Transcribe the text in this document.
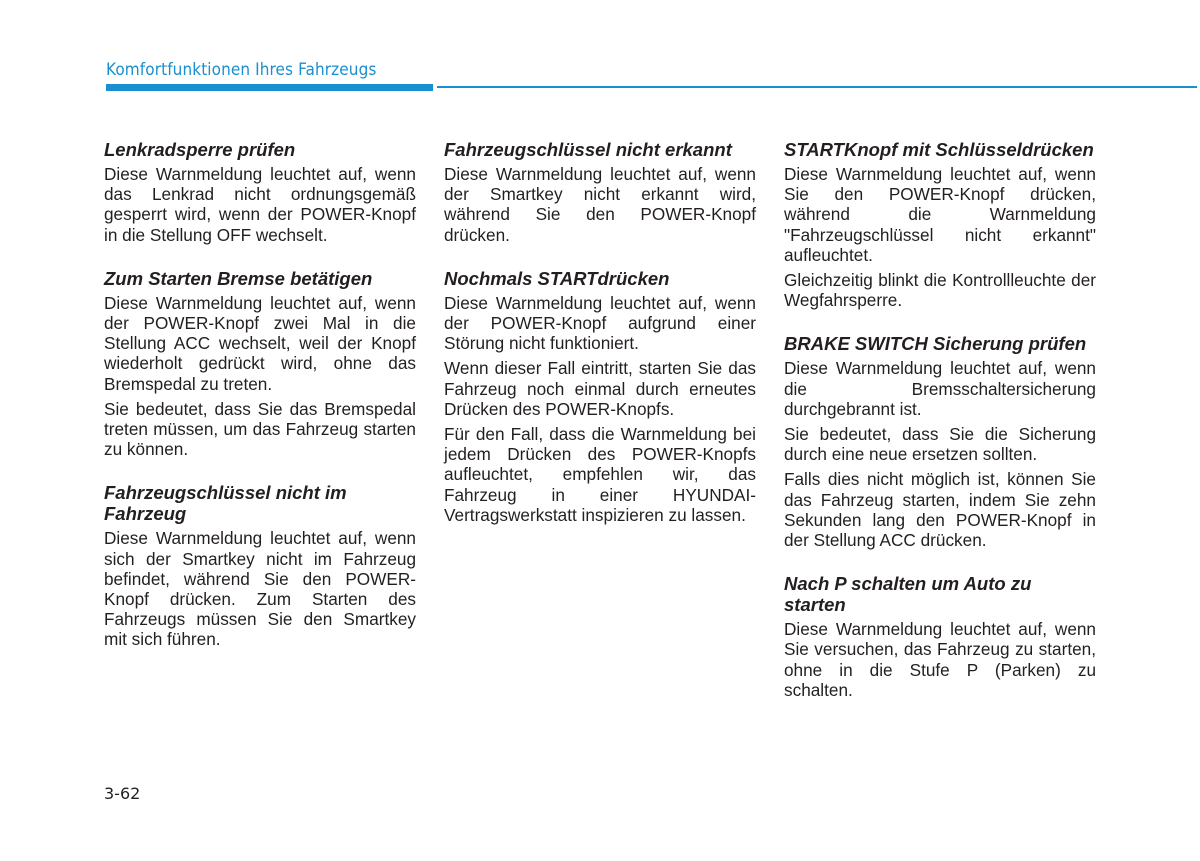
Komfortfunktionen Ihres Fahrzeugs
Lenkradsperre prüfen

Diese Warnmeldung leuchtet auf, wenn das Lenkrad nicht ordnungsgemäß gesperrt wird, wenn der POWER-Knopf in die Stellung OFF wechselt.

Zum Starten Bremse betätigen

Diese Warnmeldung leuchtet auf, wenn der POWER-Knopf zwei Mal in die Stellung ACC wechselt, weil der Knopf wiederholt gedrückt wird, ohne das Bremspedal zu treten.

Sie bedeutet, dass Sie das Bremspedal treten müssen, um das Fahrzeug starten zu können.

Fahrzeugschlüssel nicht im Fahrzeug

Diese Warnmeldung leuchtet auf, wenn sich der Smartkey nicht im Fahrzeug befindet, während Sie den POWER-Knopf drücken. Zum Starten des Fahrzeugs müssen Sie den Smartkey mit sich führen.

Fahrzeugschlüssel nicht erkannt

Diese Warnmeldung leuchtet auf, wenn der Smartkey nicht erkannt wird, während Sie den POWER-Knopf drücken.

Nochmals STARTdrücken

Diese Warnmeldung leuchtet auf, wenn der POWER-Knopf aufgrund einer Störung nicht funktioniert.

Wenn dieser Fall eintritt, starten Sie das Fahrzeug noch einmal durch erneutes Drücken des POWER-Knopfs.

Für den Fall, dass die Warnmeldung bei jedem Drücken des POWER-Knopfs aufleuchtet, empfehlen wir, das Fahrzeug in einer HYUNDAI-Vertragswerkstatt inspizieren zu lassen.

STARTKnopf mit Schlüsseldrücken

Diese Warnmeldung leuchtet auf, wenn Sie den POWER-Knopf drücken, während die Warnmeldung "Fahrzeugschlüssel nicht erkannt" aufleuchtet.

Gleichzeitig blinkt die Kontrollleuchte der Wegfahrsperre.

BRAKE SWITCH Sicherung prüfen

Diese Warnmeldung leuchtet auf, wenn die Bremsschaltersicherung durchgebrannt ist.

Sie bedeutet, dass Sie die Sicherung durch eine neue ersetzen sollten.

Falls dies nicht möglich ist, können Sie das Fahrzeug starten, indem Sie zehn Sekunden lang den POWER-Knopf in der Stellung ACC drücken.

Nach P schalten um Auto zu starten

Diese Warnmeldung leuchtet auf, wenn Sie versuchen, das Fahrzeug zu starten, ohne in die Stufe P (Parken) zu schalten.

3-62
